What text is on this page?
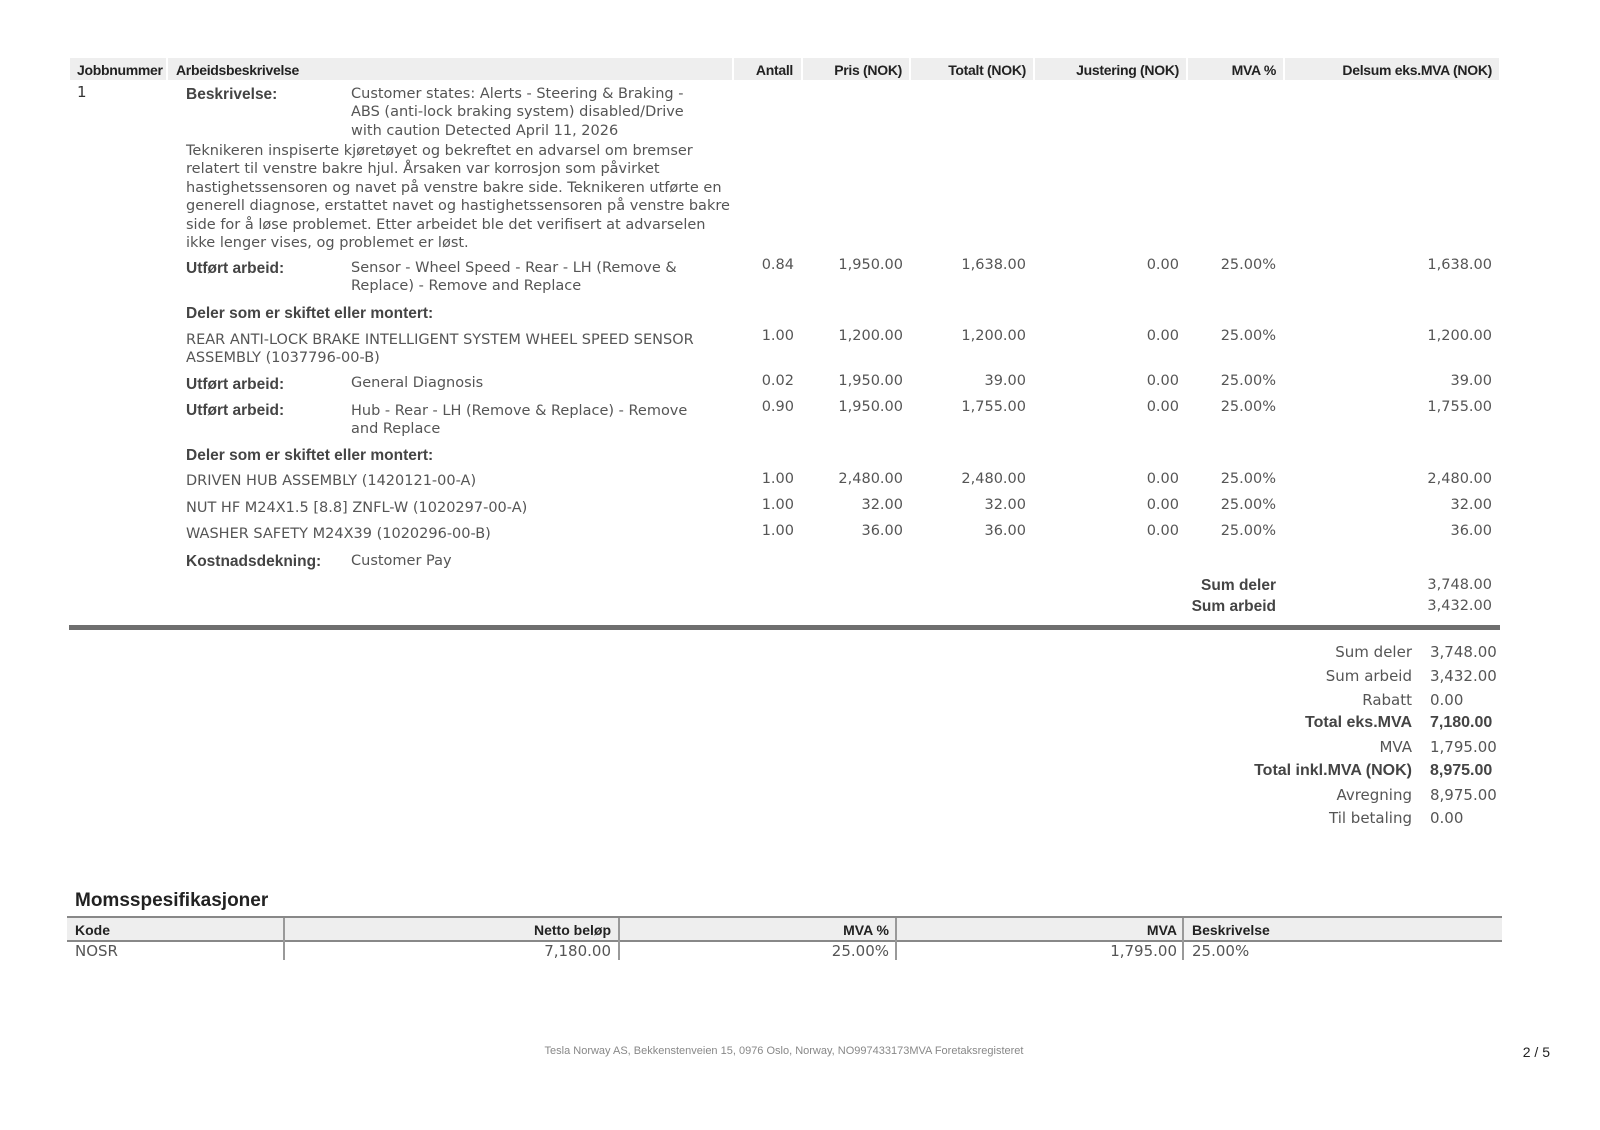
Jobbnummer Arbeidsbeskrivelse	Antall	Pris (NOK)	Totalt (NOK)	Justering (NOK)	MVA %	Delsum eks.MVA (NOK)
1	Beskrivelse:	Customer states: Alerts - Steering & Braking -
ABS (anti-lock braking system) disabled/Drive
with caution Detected April 11, 2026
Teknikeren inspiserte kjøretøyet og bekreftet en advarsel om bremser
relatert til venstre bakre hjul. Årsaken var korrosjon som påvirket
hastighetssensoren og navet på venstre bakre side. Teknikeren utførte en
generell diagnose, erstattet navet og hastighetssensoren på venstre bakre
side for å løse problemet. Etter arbeidet ble det verifisert at advarselen
ikke lenger vises, og problemet er løst.
Utført arbeid:	Sensor - Wheel Speed - Rear - LH (Remove &
Replace) - Remove and Replace
0.84	1,950.00	1,638.00	0.00	25.00%	1,638.00
Deler som er skiftet eller montert:
REAR ANTI-LOCK BRAKE INTELLIGENT SYSTEM WHEEL SPEED SENSOR
ASSEMBLY (1037796-00-B)
1.00	1,200.00	1,200.00	0.00	25.00%	1,200.00
Utført arbeid:	General Diagnosis	0.02	1,950.00	39.00	0.00	25.00%	39.00
Utført arbeid:	Hub - Rear - LH (Remove & Replace) - Remove
and Replace
0.90	1,950.00	1,755.00	0.00	25.00%	1,755.00
Deler som er skiftet eller montert:
DRIVEN HUB ASSEMBLY (1420121-00-A)	1.00	2,480.00	2,480.00	0.00	25.00%	2,480.00
NUT HF M24X1.5 [8.8] ZNFL-W (1020297-00-A)	1.00	32.00	32.00	0.00	25.00%	32.00
WASHER SAFETY M24X39 (1020296-00-B)	1.00	36.00	36.00	0.00	25.00%	36.00
Kostnadsdekning: Customer Pay
Sum deler	3,748.00
Sum arbeid	3,432.00
Sum deler 3,748.00
Sum arbeid 3,432.00
Rabatt 0.00
Total eks.MVA 7,180.00
MVA 1,795.00
Total inkl.MVA (NOK) 8,975.00
Avregning 8,975.00
Til betaling 0.00
Momsspesifikasjoner
Kode	Netto beløp	MVA %	MVA Beskrivelse
NOSR	7,180.00	25.00%	1,795.00 25.00%
Tesla Norway AS, Bekkenstenveien 15, 0976 Oslo, Norway, NO997433173MVA Foretaksregisteret	2 / 5
